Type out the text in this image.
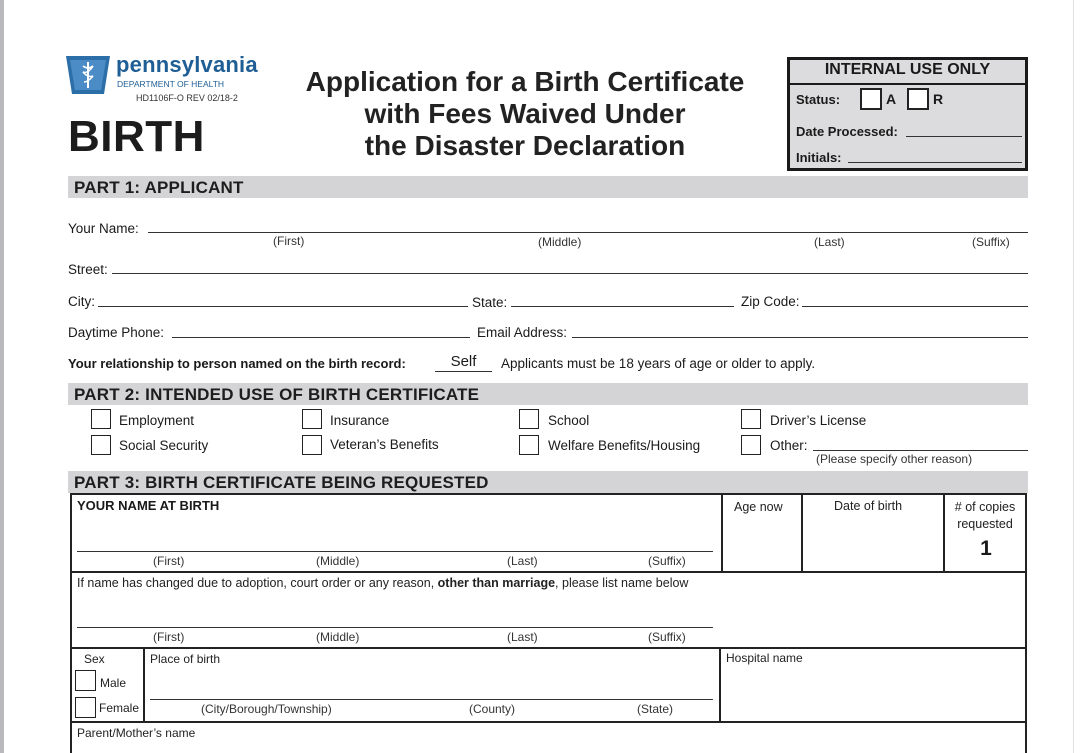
pennsylvania
DEPARTMENT OF HEALTH
HD1106F-O REV 02/18-2
BIRTH
Application for a Birth Certificate
with Fees Waived Under
the Disaster Declaration
INTERNAL USE ONLY
Status:	A	R
Date Processed:
Initials:
PART 1: APPLICANT
Your Name:
(First)	(Middle)	(Last)	(Suffix)
Street:
City:	State:	Zip Code:
Daytime Phone:	Email Address:
Your relationship to person named on the birth record:	Self	Applicants must be 18 years of age or older to apply.
PART 2: INTENDED USE OF BIRTH CERTIFICATE
Employment	Insurance	School	Driver’s License
Social Security	Veteran’s Benefits	Welfare Benefits/Housing	Other:
(Please specify other reason)
PART 3: BIRTH CERTIFICATE BEING REQUESTED
YOUR NAME AT BIRTH
(First)	(Middle)	(Last)	(Suffix)
Age now	Date of birth	# of copies
requested
1
If name has changed due to adoption, court order or any reason, other than marriage, please list name below
(First)	(Middle)	(Last)	(Suffix)
Sex
Male
Female
Place of birth
(City/Borough/Township)	(County)	(State)
Hospital name
Parent/Mother’s name
